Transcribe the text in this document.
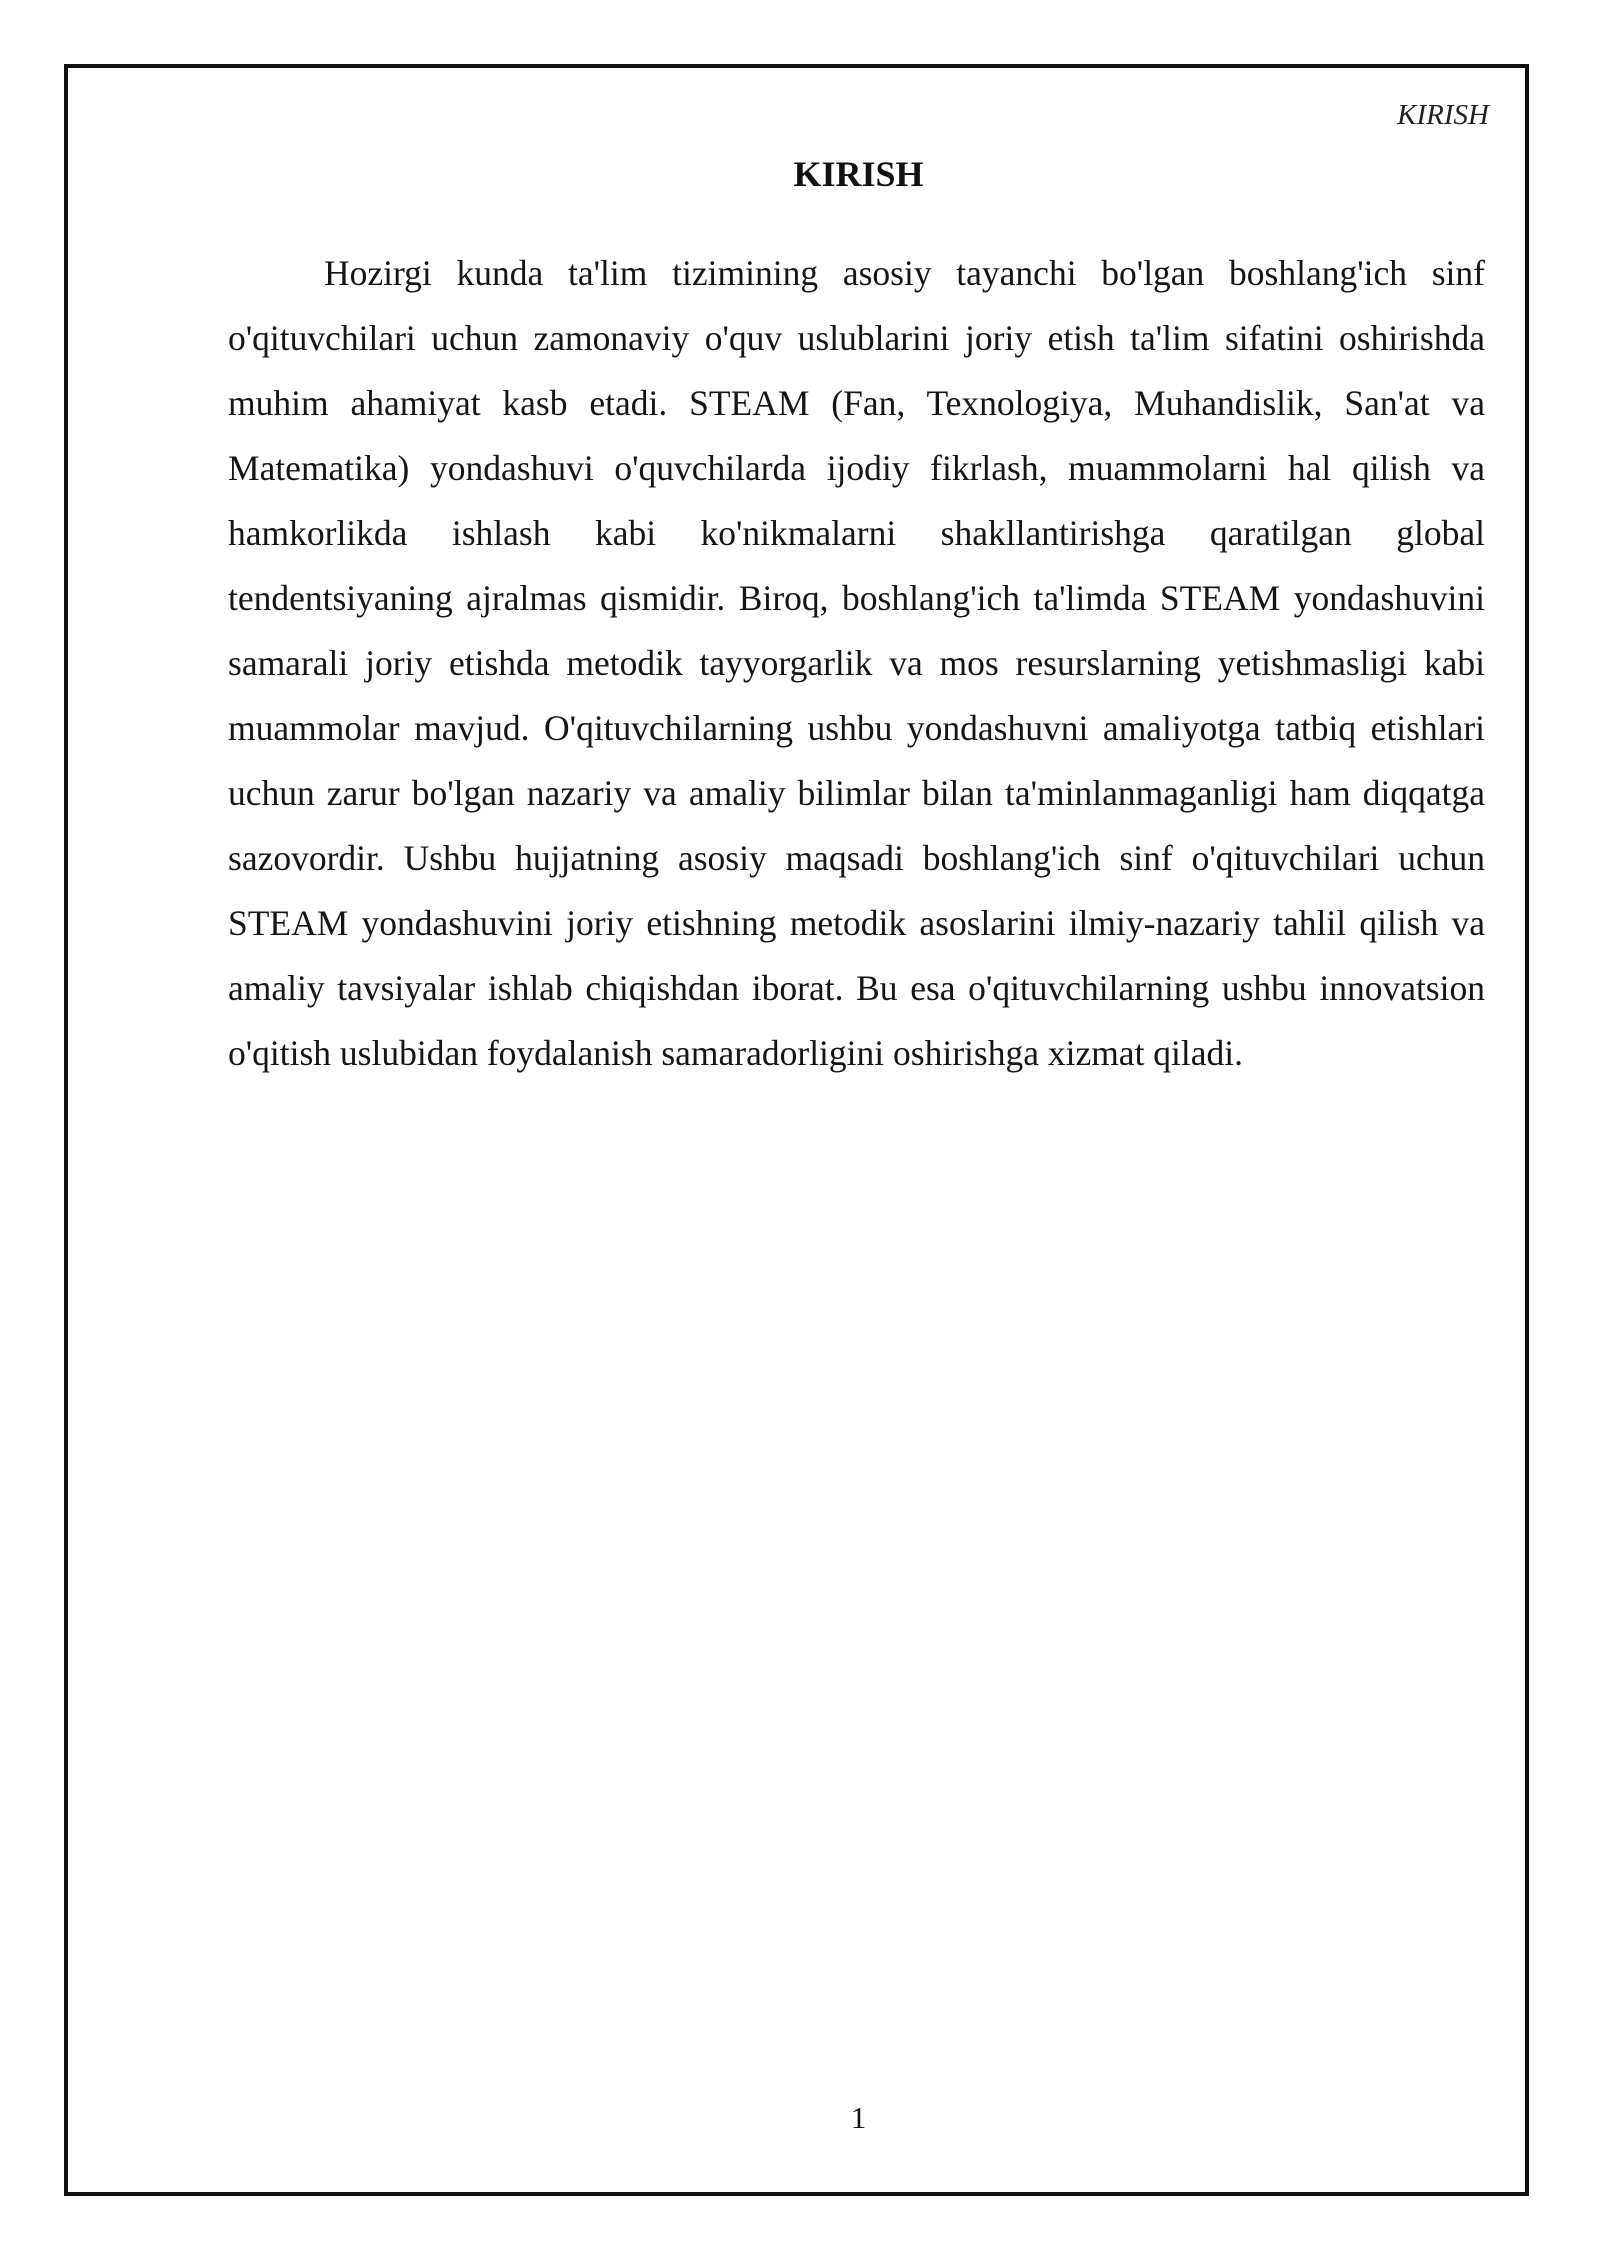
KIRISH
KIRISH

Hozirgi kunda ta'lim tizimining asosiy tayanchi bo'lgan boshlang'ich sinf o'qituvchilari uchun zamonaviy o'quv uslublarini joriy etish ta'lim sifatini oshirishda muhim ahamiyat kasb etadi. STEAM (Fan, Texnologiya, Muhandislik, San'at va Matematika) yondashuvi o'quvchilarda ijodiy fikrlash, muammolarni hal qilish va hamkorlikda ishlash kabi ko'nikmalarni shakllantirishga qaratilgan global tendentsiyaning ajralmas qismidir. Biroq, boshlang'ich ta'limda STEAM yondashuvini samarali joriy etishda metodik tayyorgarlik va mos resurslarning yetishmasligi kabi muammolar mavjud. O'qituvchilarning ushbu yondashuvni amaliyotga tatbiq etishlari uchun zarur bo'lgan nazariy va amaliy bilimlar bilan ta'minlanmaganligi ham diqqatga sazovordir. Ushbu hujjatning asosiy maqsadi boshlang'ich sinf o'qituvchilari uchun STEAM yondashuvini joriy etishning metodik asoslarini ilmiy-nazariy tahlil qilish va amaliy tavsiyalar ishlab chiqishdan iborat. Bu esa o'qituvchilarning ushbu innovatsion o'qitish uslubidan foydalanish samaradorligini oshirishga xizmat qiladi.

1
